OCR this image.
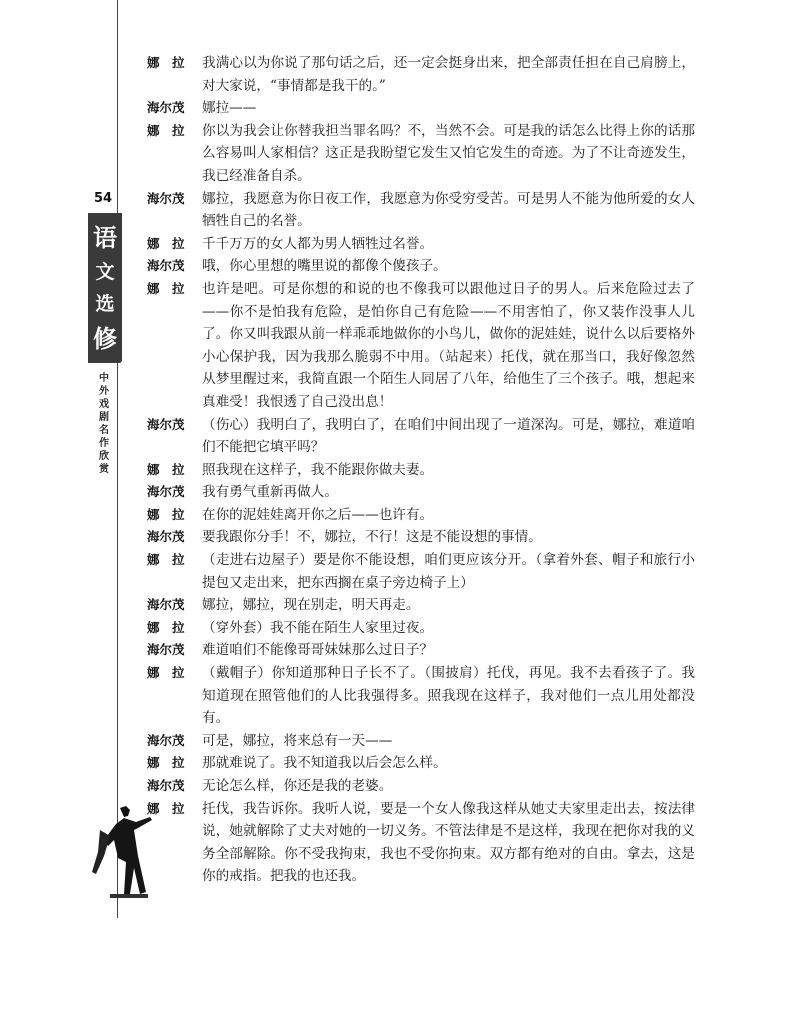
54
语
文
选
修
中外戏剧名作欣赏
娜　拉	我满心以为你说了那句话之后，还一定会挺身出来，把全部责任担在自己肩膀上，对大家说，“事情都是我干的。”
海尔茂	娜拉——
娜　拉	你以为我会让你替我担当罪名吗？不，当然不会。可是我的话怎么比得上你的话那么容易叫人家相信？这正是我盼望它发生又怕它发生的奇迹。为了不让奇迹发生，我已经准备自杀。
海尔茂	娜拉，我愿意为你日夜工作，我愿意为你受穷受苦。可是男人不能为他所爱的女人牺牲自己的名誉。
娜　拉	千千万万的女人都为男人牺牲过名誉。
海尔茂	哦，你心里想的嘴里说的都像个傻孩子。
娜　拉	也许是吧。可是你想的和说的也不像我可以跟他过日子的男人。后来危险过去了——你不是怕我有危险，是怕你自己有危险——不用害怕了，你又装作没事人儿了。你又叫我跟从前一样乖乖地做你的小鸟儿，做你的泥娃娃，说什么以后要格外小心保护我，因为我那么脆弱不中用。（站起来）托伐，就在那当口，我好像忽然从梦里醒过来，我简直跟一个陌生人同居了八年，给他生了三个孩子。哦，想起来真难受！我恨透了自己没出息！
海尔茂	（伤心）我明白了，我明白了，在咱们中间出现了一道深沟。可是，娜拉，难道咱们不能把它填平吗？
娜　拉	照我现在这样子，我不能跟你做夫妻。
海尔茂	我有勇气重新再做人。
娜　拉	在你的泥娃娃离开你之后——也许有。
海尔茂	要我跟你分手！不，娜拉，不行！这是不能设想的事情。
娜　拉	（走进右边屋子）要是你不能设想，咱们更应该分开。（拿着外套、帽子和旅行小提包又走出来，把东西搁在桌子旁边椅子上）
海尔茂	娜拉，娜拉，现在别走，明天再走。
娜　拉	（穿外套）我不能在陌生人家里过夜。
海尔茂	难道咱们不能像哥哥妹妹那么过日子？
娜　拉	（戴帽子）你知道那种日子长不了。（围披肩）托伐，再见。我不去看孩子了。我知道现在照管他们的人比我强得多。照我现在这样子，我对他们一点儿用处都没有。
海尔茂	可是，娜拉，将来总有一天——
娜　拉	那就难说了。我不知道我以后会怎么样。
海尔茂	无论怎么样，你还是我的老婆。
娜　拉	托伐，我告诉你。我听人说，要是一个女人像我这样从她丈夫家里走出去，按法律说，她就解除了丈夫对她的一切义务。不管法律是不是这样，我现在把你对我的义务全部解除。你不受我拘束，我也不受你拘束。双方都有绝对的自由。拿去，这是你的戒指。把我的也还我。
